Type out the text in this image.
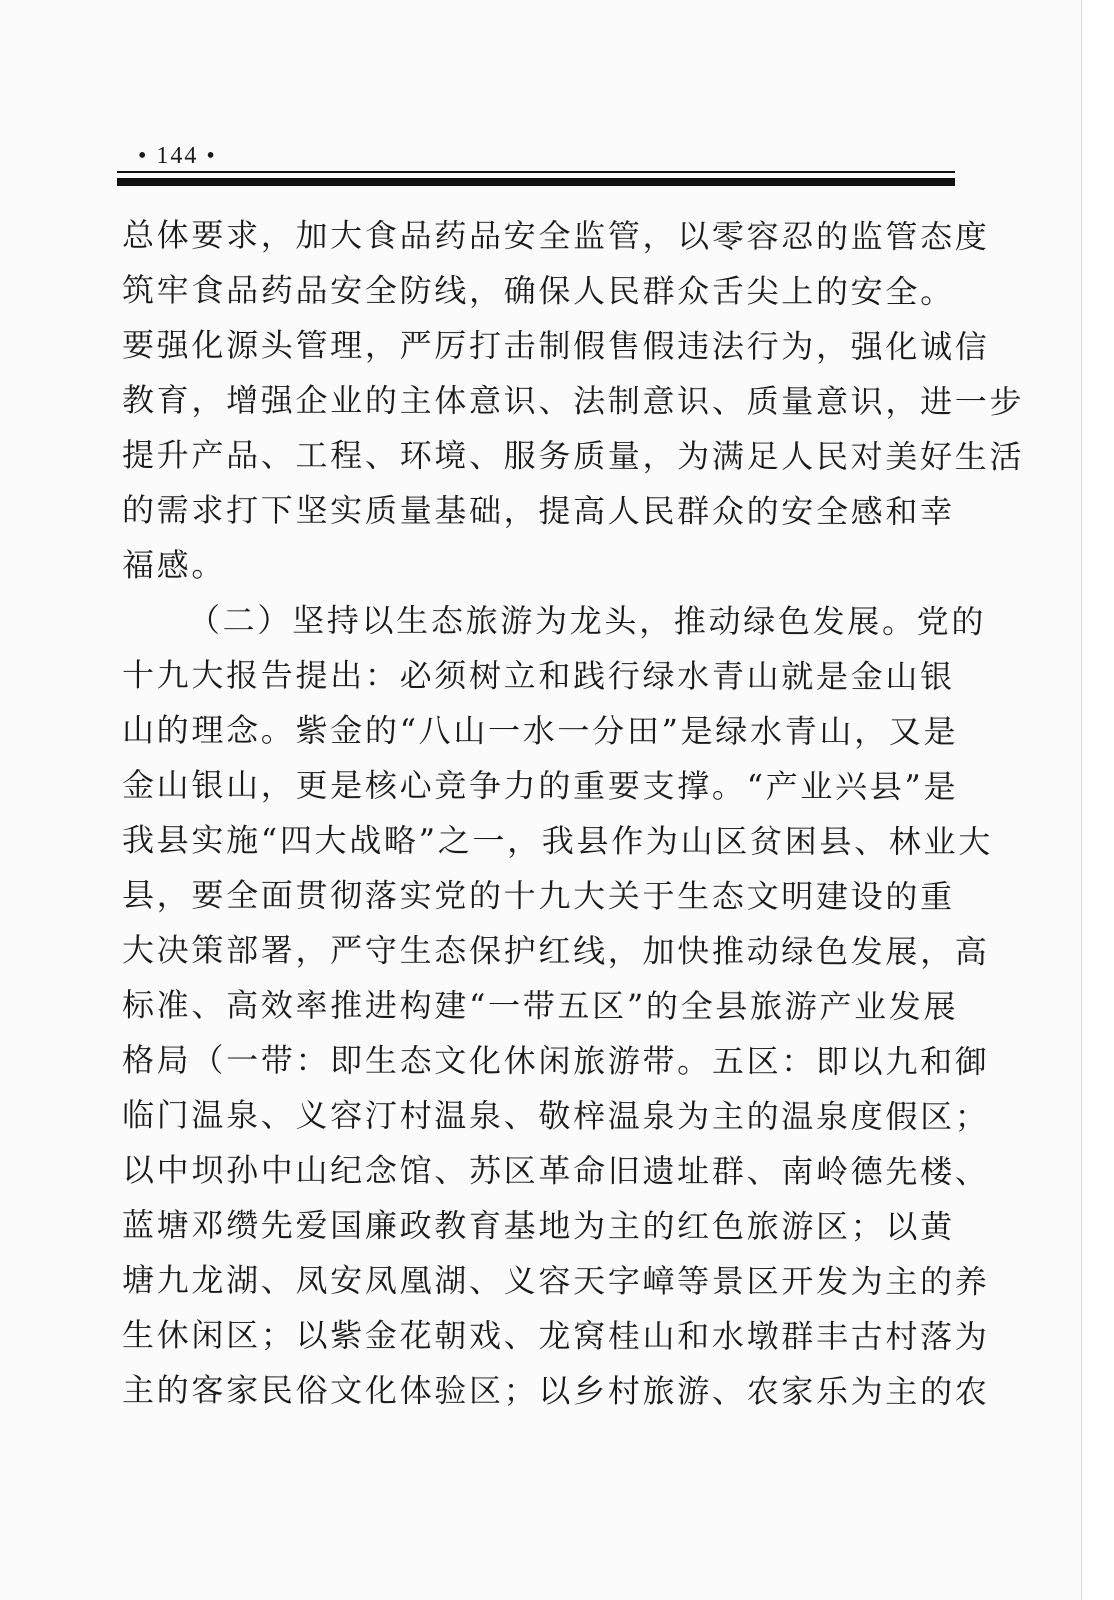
• 144 •
总体要求，加大食品药品安全监管，以零容忍的监管态度
筑牢食品药品安全防线，确保人民群众舌尖上的安全。
要强化源头管理，严厉打击制假售假违法行为，强化诚信
教育，增强企业的主体意识、法制意识、质量意识，进一步
提升产品、工程、环境、服务质量，为满足人民对美好生活
的需求打下坚实质量基础，提高人民群众的安全感和幸
福感。
（二）坚持以生态旅游为龙头，推动绿色发展。党的
十九大报告提出：必须树立和践行绿水青山就是金山银
山的理念。紫金的“八山一水一分田”是绿水青山，又是
金山银山，更是核心竞争力的重要支撑。“产业兴县”是
我县实施“四大战略”之一，我县作为山区贫困县、林业大
县，要全面贯彻落实党的十九大关于生态文明建设的重
大决策部署，严守生态保护红线，加快推动绿色发展，高
标准、高效率推进构建“一带五区”的全县旅游产业发展
格局（一带：即生态文化休闲旅游带。五区：即以九和御
临门温泉、义容汀村温泉、敬梓温泉为主的温泉度假区；
以中坝孙中山纪念馆、苏区革命旧遗址群、南岭德先楼、
蓝塘邓缵先爱国廉政教育基地为主的红色旅游区；以黄
塘九龙湖、凤安凤凰湖、义容天字嶂等景区开发为主的养
生休闲区；以紫金花朝戏、龙窝桂山和水墩群丰古村落为
主的客家民俗文化体验区；以乡村旅游、农家乐为主的农
